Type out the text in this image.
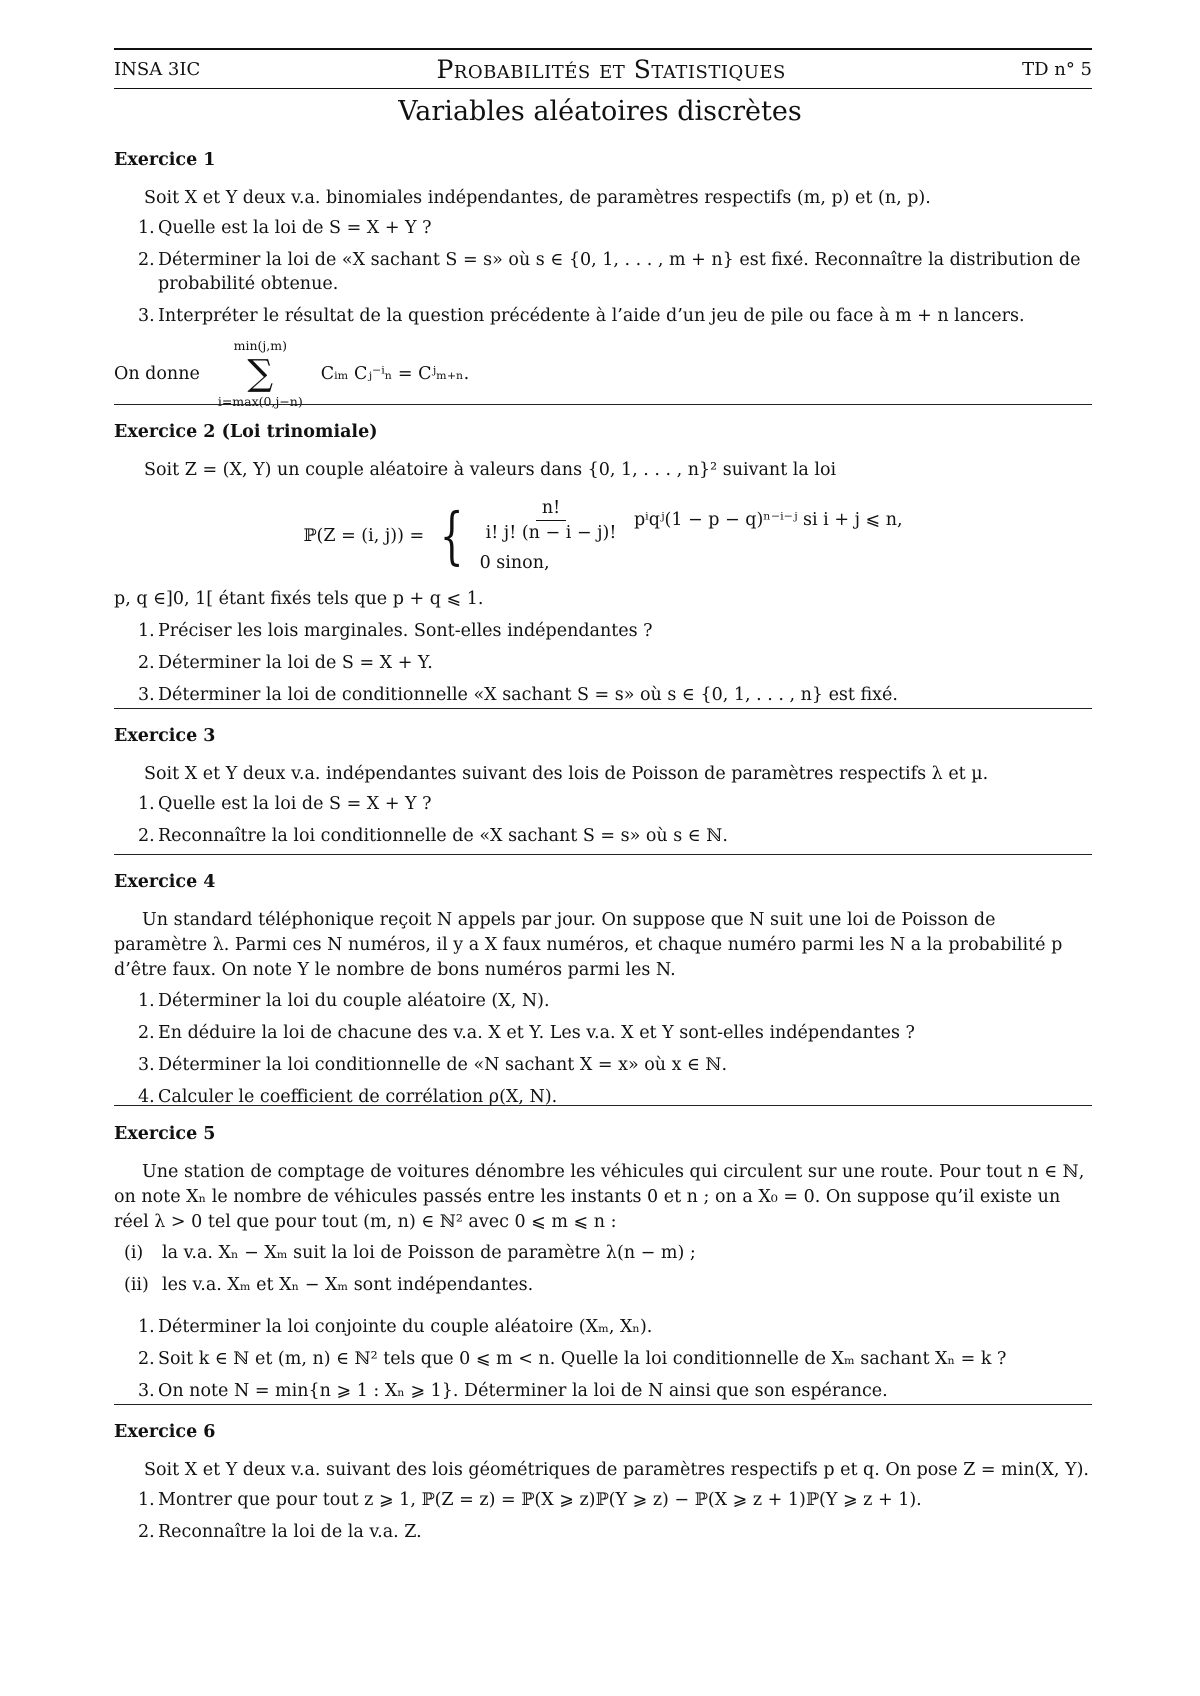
INSA 3IC	Probabilités et Statistiques	TD n° 5
Variables aléatoires discrètes
Exercice 1
Soit X et Y deux v.a. binomiales indépendantes, de paramètres respectifs (m, p) et (n, p).
1. Quelle est la loi de S = X + Y ?
2. Déterminer la loi de «X sachant S = s» où s ∈ {0, 1, . . . , m + n} est fixé. Reconnaître la distribution de probabilité obtenue.
3. Interpréter le résultat de la question précédente à l’aide d’un jeu de pile ou face à m + n lancers.
On donne
min(j,m)
∑
i=max(0,j−n)
Cᵢₘ Cⱼ⁻ⁱₙ = Cʲₘ₊ₙ.
Exercice 2 (Loi trinomiale)
Soit Z = (X, Y) un couple aléatoire à valeurs dans {0, 1, . . . , n}² suivant la loi
ℙ(Z = (i, j)) = { $\frac{n!}{i! j! (n - i - j)!}$ pⁱqʲ(1 − p − q)ⁿ⁻ⁱ⁻ʲ si i + j ⩽ n,
0 sinon,
p, q ∈]0, 1[ étant fixés tels que p + q ⩽ 1.
1. Préciser les lois marginales. Sont-elles indépendantes ?
2. Déterminer la loi de S = X + Y.
3. Déterminer la loi de conditionnelle «X sachant S = s» où s ∈ {0, 1, . . . , n} est fixé.
Exercice 3
Soit X et Y deux v.a. indépendantes suivant des lois de Poisson de paramètres respectifs λ et µ.
1. Quelle est la loi de S = X + Y ?
2. Reconnaître la loi conditionnelle de «X sachant S = s» où s ∈ ℕ.
Exercice 4
Un standard téléphonique reçoit N appels par jour. On suppose que N suit une loi de Poisson de paramètre λ. Parmi ces N numéros, il y a X faux numéros, et chaque numéro parmi les N a la probabilité p d’être faux. On note Y le nombre de bons numéros parmi les N.
1. Déterminer la loi du couple aléatoire (X, N).
2. En déduire la loi de chacune des v.a. X et Y. Les v.a. X et Y sont-elles indépendantes ?
3. Déterminer la loi conditionnelle de «N sachant X = x» où x ∈ ℕ.
4. Calculer le coefficient de corrélation ρ(X, N).
Exercice 5
Une station de comptage de voitures dénombre les véhicules qui circulent sur une route. Pour tout n ∈ ℕ, on note Xₙ le nombre de véhicules passés entre les instants 0 et n ; on a X₀ = 0. On suppose qu’il existe un réel λ > 0 tel que pour tout (m, n) ∈ ℕ² avec 0 ⩽ m ⩽ n :
(i)	la v.a. Xₙ − Xₘ suit la loi de Poisson de paramètre λ(n − m) ;
(ii) les v.a. Xₘ et Xₙ − Xₘ sont indépendantes.
1. Déterminer la loi conjointe du couple aléatoire (Xₘ, Xₙ).
2. Soit k ∈ ℕ et (m, n) ∈ ℕ² tels que 0 ⩽ m < n. Quelle la loi conditionnelle de Xₘ sachant Xₙ = k ?
3. On note N = min{n ⩾ 1 : Xₙ ⩾ 1}. Déterminer la loi de N ainsi que son espérance.
Exercice 6
Soit X et Y deux v.a. suivant des lois géométriques de paramètres respectifs p et q. On pose Z = min(X, Y).
1. Montrer que pour tout z ⩾ 1, ℙ(Z = z) = ℙ(X ⩾ z)ℙ(Y ⩾ z) − ℙ(X ⩾ z + 1)ℙ(Y ⩾ z + 1).
2. Reconnaître la loi de la v.a. Z.
